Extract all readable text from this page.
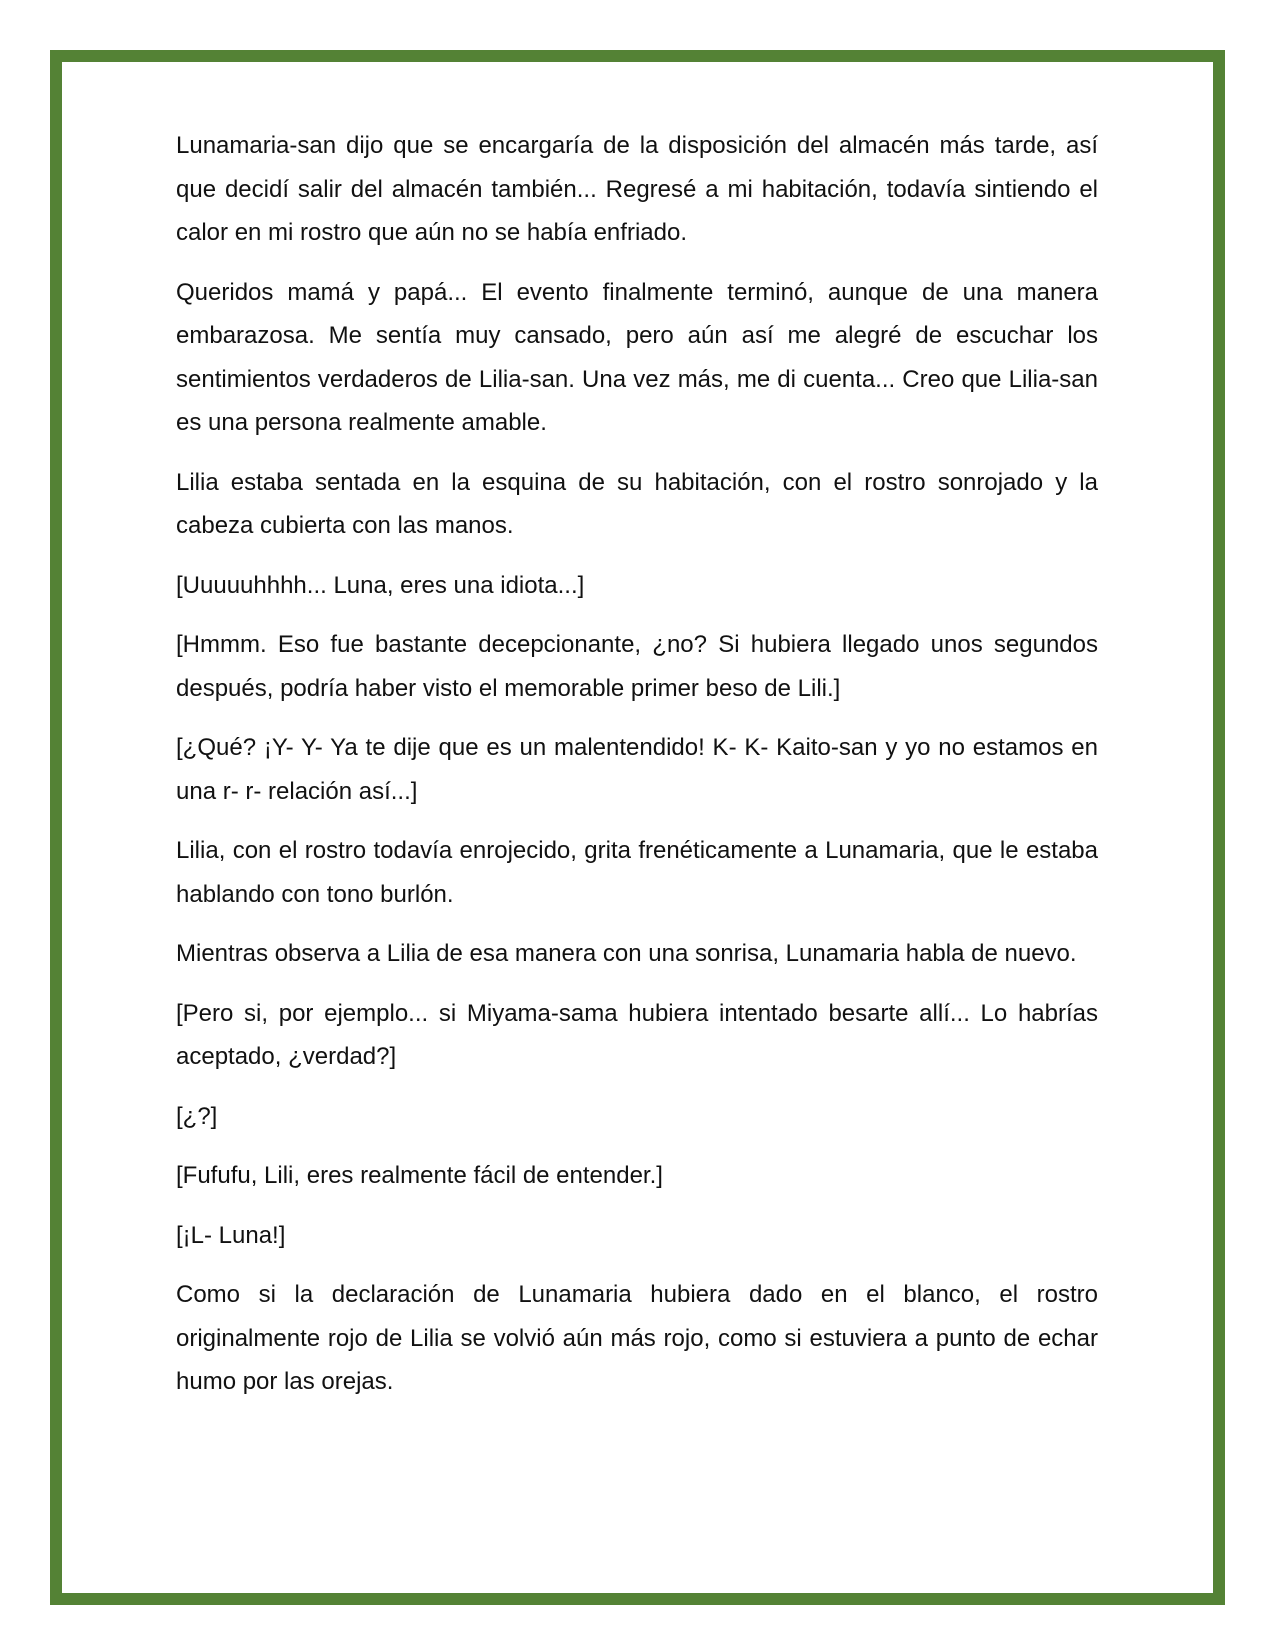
Lunamaria-san dijo que se encargaría de la disposición del almacén más tarde, así que decidí salir del almacén también... Regresé a mi habitación, todavía sintiendo el calor en mi rostro que aún no se había enfriado.

Queridos mamá y papá... El evento finalmente terminó, aunque de una manera embarazosa. Me sentía muy cansado, pero aún así me alegré de escuchar los sentimientos verdaderos de Lilia-san. Una vez más, me di cuenta... Creo que Lilia-san es una persona realmente amable.

Lilia estaba sentada en la esquina de su habitación, con el rostro sonrojado y la cabeza cubierta con las manos.

[Uuuuuhhhh... Luna, eres una idiota...]

[Hmmm. Eso fue bastante decepcionante, ¿no? Si hubiera llegado unos segundos después, podría haber visto el memorable primer beso de Lili.]

[¿Qué? ¡Y- Y- Ya te dije que es un malentendido! K- K- Kaito-san y yo no estamos en una r- r- relación así...]

Lilia, con el rostro todavía enrojecido, grita frenéticamente a Lunamaria, que le estaba hablando con tono burlón.

Mientras observa a Lilia de esa manera con una sonrisa, Lunamaria habla de nuevo.

[Pero si, por ejemplo... si Miyama-sama hubiera intentado besarte allí... Lo habrías aceptado, ¿verdad?]

[¿?]

[Fufufu, Lili, eres realmente fácil de entender.]

[¡L- Luna!]

Como si la declaración de Lunamaria hubiera dado en el blanco, el rostro originalmente rojo de Lilia se volvió aún más rojo, como si estuviera a punto de echar humo por las orejas.
